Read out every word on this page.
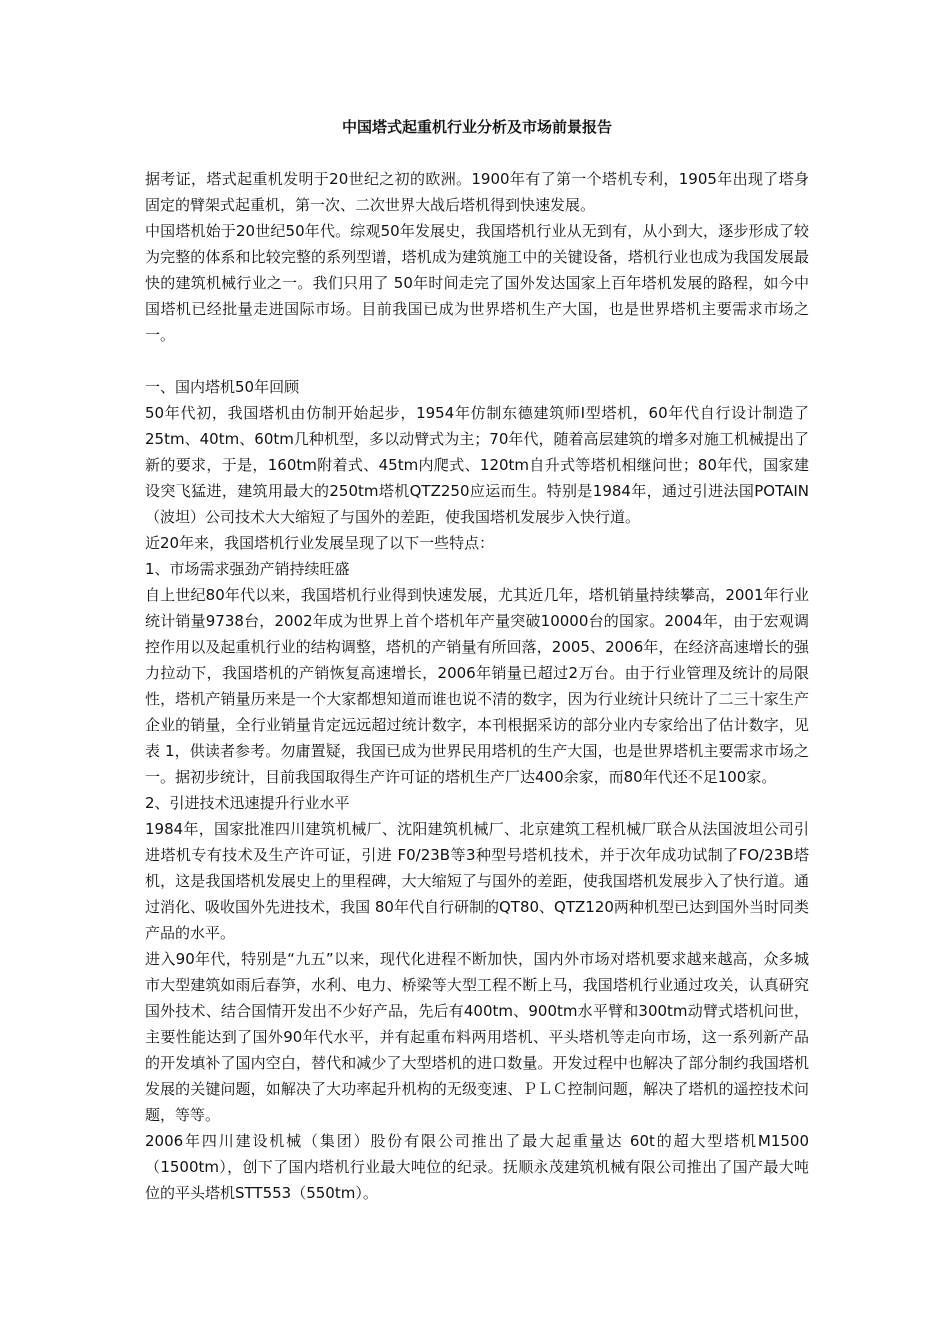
中国塔式起重机行业分析及市场前景报告

据考证，塔式起重机发明于20世纪之初的欧洲。1900年有了第一个塔机专利，1905年出现了塔身固定的臂架式起重机，第一次、二次世界大战后塔机得到快速发展。

中国塔机始于20世纪50年代。综观50年发展史，我国塔机行业从无到有，从小到大，逐步形成了较为完整的体系和比较完整的系列型谱，塔机成为建筑施工中的关键设备，塔机行业也成为我国发展最快的建筑机械行业之一。我们只用了 50年时间走完了国外发达国家上百年塔机发展的路程，如今中国塔机已经批量走进国际市场。目前我国已成为世界塔机生产大国，也是世界塔机主要需求市场之一。

一、国内塔机50年回顾

50年代初，我国塔机由仿制开始起步，1954年仿制东德建筑师Ⅰ型塔机，60年代自行设计制造了25tm、40tm、60tm几种机型，多以动臂式为主；70年代，随着高层建筑的增多对施工机械提出了新的要求，于是，160tm附着式、45tm内爬式、120tm自升式等塔机相继问世；80年代，国家建设突飞猛进，建筑用最大的250tm塔机QTZ250应运而生。特别是1984年，通过引进法国POTAIN（波坦）公司技术大大缩短了与国外的差距，使我国塔机发展步入快行道。

近20年来，我国塔机行业发展呈现了以下一些特点：

1、市场需求强劲产销持续旺盛

自上世纪80年代以来，我国塔机行业得到快速发展，尤其近几年，塔机销量持续攀高，2001年行业统计销量9738台，2002年成为世界上首个塔机年产量突破10000台的国家。2004年，由于宏观调控作用以及起重机行业的结构调整，塔机的产销量有所回落，2005、2006年，在经济高速增长的强力拉动下，我国塔机的产销恢复高速增长，2006年销量已超过2万台。由于行业管理及统计的局限性，塔机产销量历来是一个大家都想知道而谁也说不清的数字，因为行业统计只统计了二三十家生产企业的销量，全行业销量肯定远远超过统计数字，本刊根据采访的部分业内专家给出了估计数字，见表 1，供读者参考。勿庸置疑，我国已成为世界民用塔机的生产大国，也是世界塔机主要需求市场之一。据初步统计，目前我国取得生产许可证的塔机生产厂达400余家，而80年代还不足100家。

2、引进技术迅速提升行业水平

1984年，国家批准四川建筑机械厂、沈阳建筑机械厂、北京建筑工程机械厂联合从法国波坦公司引进塔机专有技术及生产许可证，引进 F0/23B等3种型号塔机技术，并于次年成功试制了FO/23B塔机，这是我国塔机发展史上的里程碑，大大缩短了与国外的差距，使我国塔机发展步入了快行道。通过消化、吸收国外先进技术，我国 80年代自行研制的QT80、QTZ120两种机型已达到国外当时同类产品的水平。

进入90年代，特别是“九五”以来，现代化进程不断加快，国内外市场对塔机要求越来越高，众多城市大型建筑如雨后春笋，水利、电力、桥梁等大型工程不断上马，我国塔机行业通过攻关，认真研究国外技术、结合国情开发出不少好产品，先后有400tm、900tm水平臂和300tm动臂式塔机问世，主要性能达到了国外90年代水平，并有起重布料两用塔机、平头塔机等走向市场，这一系列新产品的开发填补了国内空白，替代和减少了大型塔机的进口数量。开发过程中也解决了部分制约我国塔机发展的关键问题，如解决了大功率起升机构的无级变速、ＰＬＣ控制问题，解决了塔机的遥控技术问题，等等。

2006年四川建设机械（集团）股份有限公司推出了最大起重量达 60t的超大型塔机M1500（1500tm），创下了国内塔机行业最大吨位的纪录。抚顺永茂建筑机械有限公司推出了国产最大吨位的平头塔机STT553（550tm）。
